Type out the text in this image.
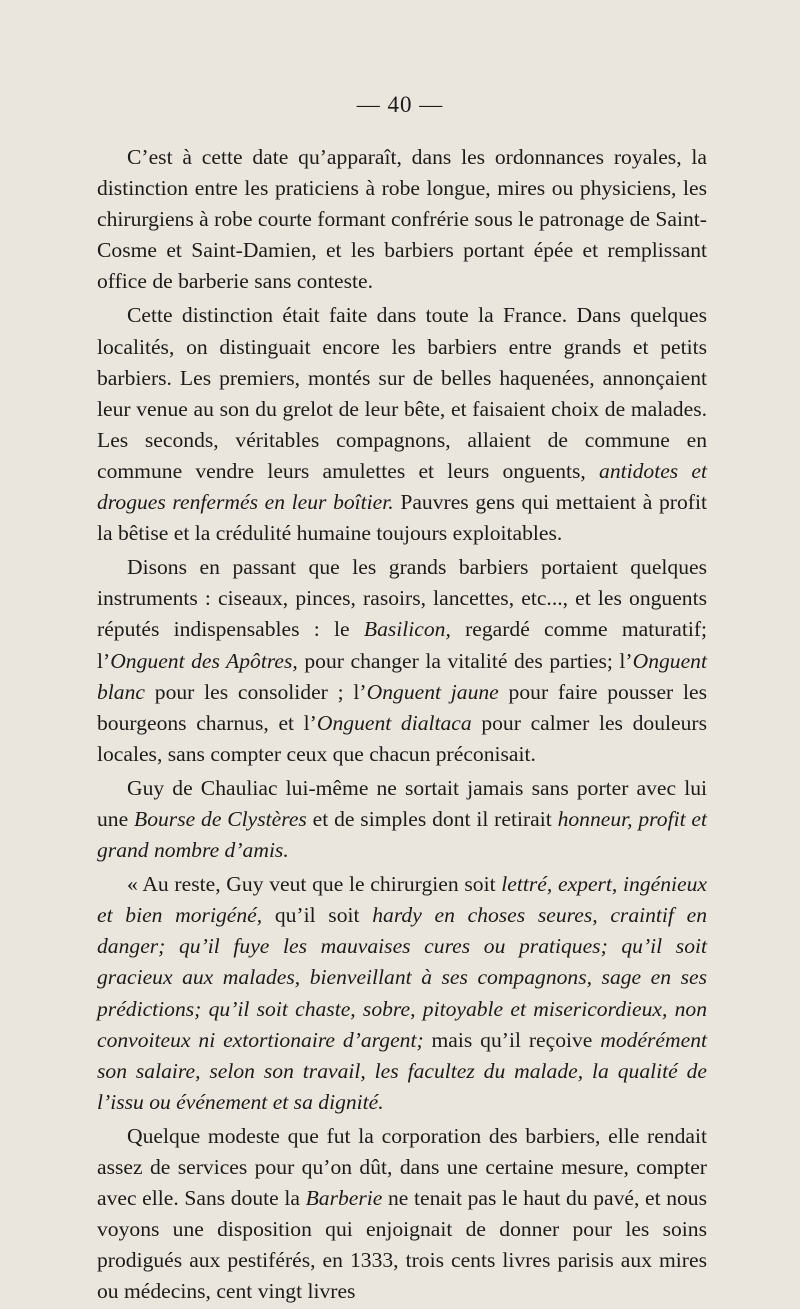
— 40 —

C’est à cette date qu’apparaît, dans les ordonnances royales, la distinction entre les praticiens à robe longue, mires ou physiciens, les chirurgiens à robe courte formant confrérie sous le patronage de Saint-Cosme et Saint-Damien, et les barbiers portant épée et remplissant office de barberie sans conteste.

Cette distinction était faite dans toute la France. Dans quelques localités, on distinguait encore les barbiers entre grands et petits barbiers. Les premiers, montés sur de belles haquenées, annonçaient leur venue au son du grelot de leur bête, et faisaient choix de malades. Les seconds, véritables compagnons, allaient de commune en commune vendre leurs amulettes et leurs onguents, antidotes et drogues renfermés en leur boîtier. Pauvres gens qui mettaient à profit la bêtise et la crédulité humaine toujours exploitables.

Disons en passant que les grands barbiers portaient quelques instruments : ciseaux, pinces, rasoirs, lancettes, etc..., et les onguents réputés indispensables : le Basilicon, regardé comme maturatif; l’Onguent des Apôtres, pour changer la vitalité des parties; l’Onguent blanc pour les consolider ; l’Onguent jaune pour faire pousser les bourgeons charnus, et l’Onguent dialtaca pour calmer les douleurs locales, sans compter ceux que chacun préconisait.

Guy de Chauliac lui-même ne sortait jamais sans porter avec lui une Bourse de Clystères et de simples dont il retirait honneur, profit et grand nombre d’amis.

« Au reste, Guy veut que le chirurgien soit lettré, expert, ingénieux et bien morigéné, qu’il soit hardy en choses seures, craintif en danger; qu’il fuye les mauvaises cures ou pratiques; qu’il soit gracieux aux malades, bienveillant à ses compagnons, sage en ses prédictions; qu’il soit chaste, sobre, pitoyable et misericordieux, non convoiteux ni extortionaire d’argent; mais qu’il reçoive modérément son salaire, selon son travail, les facultez du malade, la qualité de l’issu ou événement et sa dignité.

Quelque modeste que fut la corporation des barbiers, elle rendait assez de services pour qu’on dût, dans une certaine mesure, compter avec elle. Sans doute la Barberie ne tenait pas le haut du pavé, et nous voyons une disposition qui enjoignait de donner pour les soins prodigués aux pestiférés, en 1333, trois cents livres parisis aux mires ou médecins, cent vingt livres
